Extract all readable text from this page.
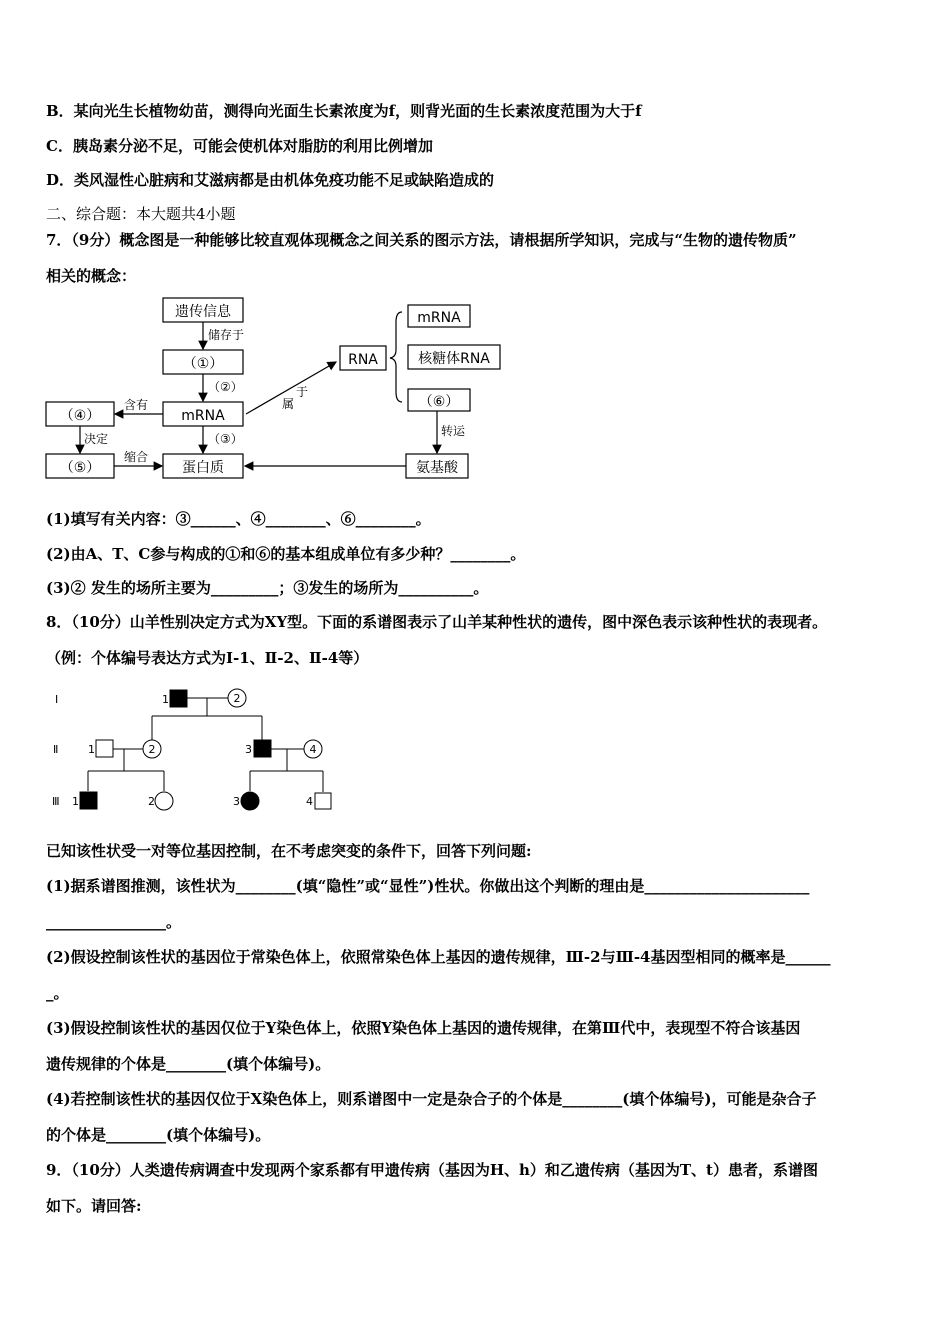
B．某向光生长植物幼苗，测得向光面生长素浓度为f，则背光面的生长素浓度范围为大于f
C．胰岛素分泌不足，可能会使机体对脂肪的利用比例增加
D．类风湿性心脏病和艾滋病都是由机体免疫功能不足或缺陷造成的
二、综合题：本大题共4小题
7．（9分）概念图是一种能够比较直观体现概念之间关系的图示方法，请根据所学知识，完成与“生物的遗传物质”
相关的概念：
遗传信息
（①）
mRNA
蛋白质
（④）
（⑤）
RNA
mRNA
核糖体RNA
（⑥）
氨基酸
储存于
（②）
（③）
含有
决定
缩合
属
于
转运
(1)填写有关内容：③______、④________、⑥________。
(2)由A、T、C参与构成的①和⑥的基本组成单位有多少种？________。
(3)② 发生的场所主要为_________；③发生的场所为__________。
8．（10分）山羊性别决定方式为XY型。下面的系谱图表示了山羊某种性状的遗传，图中深色表示该种性状的表现者。
（例：个体编号表达方式为Ⅰ-1、Ⅱ-2、Ⅱ-4等）
Ⅰ
Ⅱ
Ⅲ
1	2
1	2	3	4
1	2	3	4
已知该性状受一对等位基因控制，在不考虑突变的条件下，回答下列问题:
(1)据系谱图推测，该性状为________(填“隐性”或“显性”)性状。你做出这个判断的理由是______________________
________________。
(2)假设控制该性状的基因位于常染色体上，依照常染色体上基因的遗传规律，Ⅲ-2与Ⅲ-4基因型相同的概率是______
_。
(3)假设控制该性状的基因仅位于Y染色体上，依照Y染色体上基因的遗传规律，在第Ⅲ代中，表现型不符合该基因
遗传规律的个体是________(填个体编号)。
(4)若控制该性状的基因仅位于X染色体上，则系谱图中一定是杂合子的个体是________(填个体编号)，可能是杂合子
的个体是________(填个体编号)。
9．（10分）人类遗传病调查中发现两个家系都有甲遗传病（基因为H、h）和乙遗传病（基因为T、t）患者，系谱图
如下。请回答:
